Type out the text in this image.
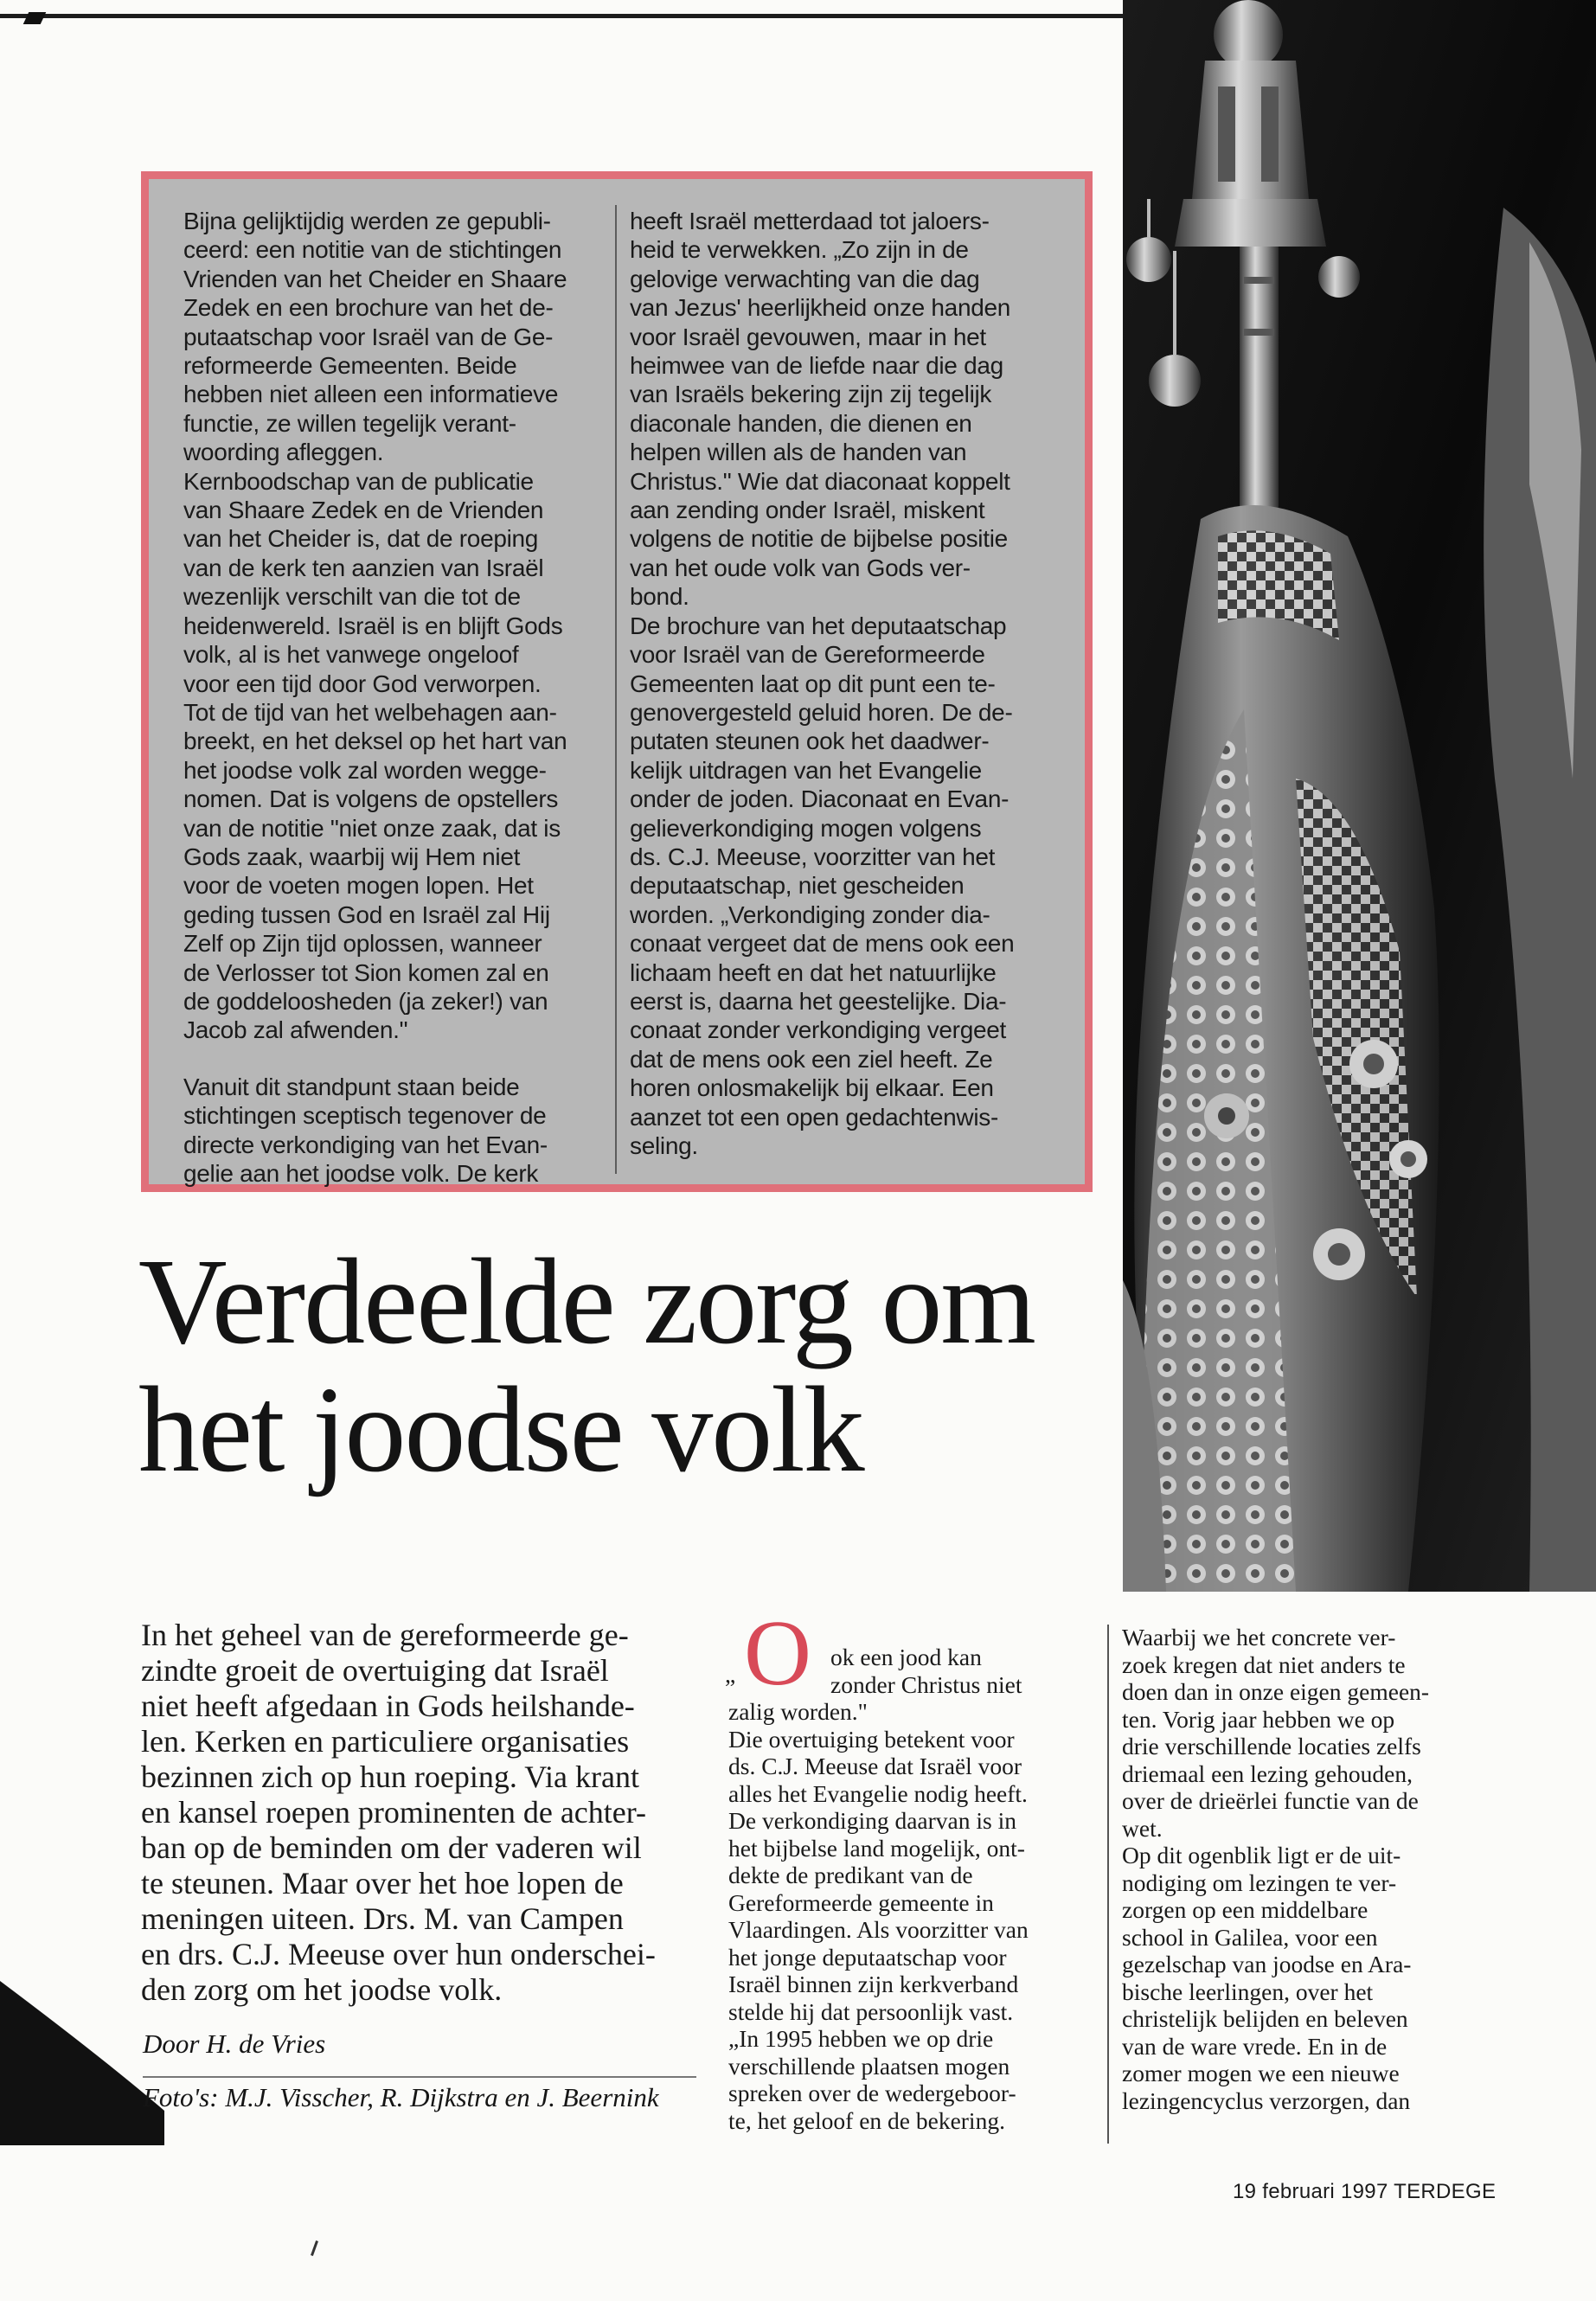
Bijna gelijktijdig werden ze gepubli-
ceerd: een notitie van de stichtingen
Vrienden van het Cheider en Shaare
Zedek en een brochure van het de-
putaatschap voor Israël van de Ge-
reformeerde Gemeenten. Beide
hebben niet alleen een informatieve
functie, ze willen tegelijk verant-
woording afleggen.
Kernboodschap van de publicatie
van Shaare Zedek en de Vrienden
van het Cheider is, dat de roeping
van de kerk ten aanzien van Israël
wezenlijk verschilt van die tot de
heidenwereld. Israël is en blijft Gods
volk, al is het vanwege ongeloof
voor een tijd door God verworpen.
Tot de tijd van het welbehagen aan-
breekt, en het deksel op het hart van
het joodse volk zal worden wegge-
nomen. Dat is volgens de opstellers
van de notitie "niet onze zaak, dat is
Gods zaak, waarbij wij Hem niet
voor de voeten mogen lopen. Het
geding tussen God en Israël zal Hij
Zelf op Zijn tijd oplossen, wanneer
de Verlosser tot Sion komen zal en
de goddeloosheden (ja zeker!) van
Jacob zal afwenden."

Vanuit dit standpunt staan beide
stichtingen sceptisch tegenover de
directe verkondiging van het Evan-
gelie aan het joodse volk. De kerk

heeft Israël metterdaad tot jaloers-
heid te verwekken. „Zo zijn in de
gelovige verwachting van die dag
van Jezus' heerlijkheid onze handen
voor Israël gevouwen, maar in het
heimwee van de liefde naar die dag
van Israëls bekering zijn zij tegelijk
diaconale handen, die dienen en
helpen willen als de handen van
Christus." Wie dat diaconaat koppelt
aan zending onder Israël, miskent
volgens de notitie de bijbelse positie
van het oude volk van Gods ver-
bond.
De brochure van het deputaatschap
voor Israël van de Gereformeerde
Gemeenten laat op dit punt een te-
genovergesteld geluid horen. De de-
putaten steunen ook het daadwer-
kelijk uitdragen van het Evangelie
onder de joden. Diaconaat en Evan-
gelieverkondiging mogen volgens
ds. C.J. Meeuse, voorzitter van het
deputaatschap, niet gescheiden
worden. „Verkondiging zonder dia-
conaat vergeet dat de mens ook een
lichaam heeft en dat het natuurlijke
eerst is, daarna het geestelijke. Dia-
conaat zonder verkondiging vergeet
dat de mens ook een ziel heeft. Ze
horen onlosmakelijk bij elkaar. Een
aanzet tot een open gedachtenwis-
seling.
Verdeelde zorg om
het joodse volk
In het geheel van de gereformeerde ge-
zindte groeit de overtuiging dat Israël
niet heeft afgedaan in Gods heilshande-
len. Kerken en particuliere organisaties
bezinnen zich op hun roeping. Via krant
en kansel roepen prominenten de achter-
ban op de beminden om der vaderen wil
te steunen. Maar over het hoe lopen de
meningen uiteen. Drs. M. van Campen
en drs. C.J. Meeuse over hun onderschei-
den zorg om het joodse volk.
Door H. de Vries
Foto's: M.J. Visscher, R. Dijkstra en J. Beernink
O ok een jood kan
zonder Christus niet
„
zalig worden."
Die overtuiging betekent voor
ds. C.J. Meeuse dat Israël voor
alles het Evangelie nodig heeft.
De verkondiging daarvan is in
het bijbelse land mogelijk, ont-
dekte de predikant van de
Gereformeerde gemeente in
Vlaardingen. Als voorzitter van
het jonge deputaatschap voor
Israël binnen zijn kerkverband
stelde hij dat persoonlijk vast.
„In 1995 hebben we op drie
verschillende plaatsen mogen
spreken over de wedergeboor-
te, het geloof en de bekering.
Waarbij we het concrete ver-
zoek kregen dat niet anders te
doen dan in onze eigen gemeen-
ten. Vorig jaar hebben we op
drie verschillende locaties zelfs
driemaal een lezing gehouden,
over de drieërlei functie van de
wet.
Op dit ogenblik ligt er de uit-
nodiging om lezingen te ver-
zorgen op een middelbare
school in Galilea, voor een
gezelschap van joodse en Ara-
bische leerlingen, over het
christelijk belijden en beleven
van de ware vrede. En in de
zomer mogen we een nieuwe
lezingencyclus verzorgen, dan
19 februari 1997 TERDEGE
